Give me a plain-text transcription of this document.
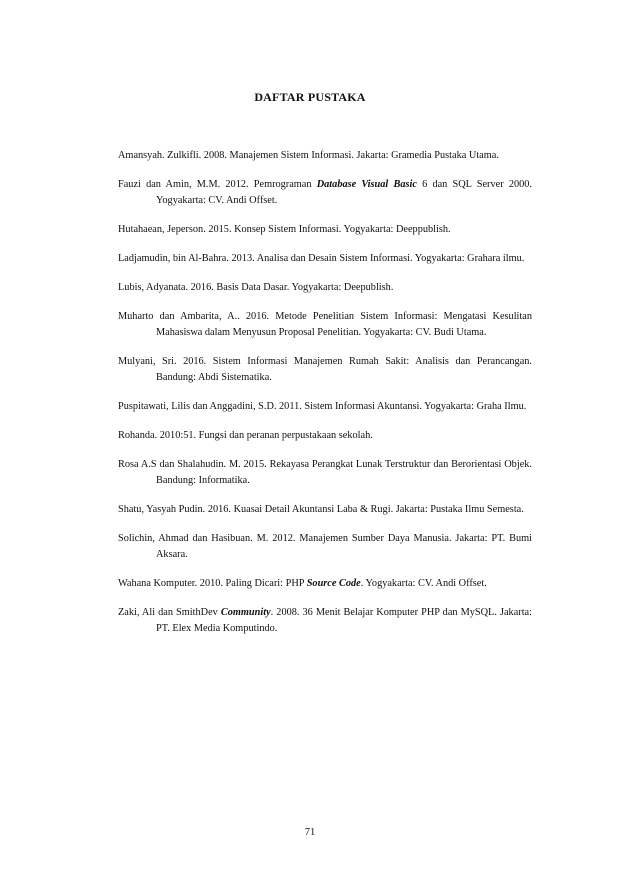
DAFTAR PUSTAKA

Amansyah. Zulkifli. 2008. Manajemen Sistem Informasi. Jakarta: Gramedia Pustaka Utama.

Fauzi dan Amin, M.M. 2012. Pemrograman Database Visual Basic 6 dan SQL Server 2000. Yogyakarta: CV. Andi Offset.

Hutahaean, Jeperson. 2015. Konsep Sistem Informasi. Yogyakarta: Deeppublish.

Ladjamudin, bin Al-Bahra. 2013. Analisa dan Desain Sistem Informasi. Yogyakarta: Grahara ilmu.

Lubis, Adyanata. 2016. Basis Data Dasar. Yogyakarta: Deepublish.

Muharto dan Ambarita, A.. 2016. Metode Penelitian Sistem Informasi: Mengatasi Kesulitan Mahasiswa dalam Menyusun Proposal Penelitian. Yogyakarta: CV. Budi Utama.

Mulyani, Sri. 2016. Sistem Informasi Manajemen Rumah Sakit: Analisis dan Perancangan. Bandung: Abdi Sistematika.

Puspitawati, Lilis dan Anggadini, S.D. 2011. Sistem Informasi Akuntansi. Yogyakarta: Graha Ilmu.

Rohanda. 2010:51. Fungsi dan peranan perpustakaan sekolah.

Rosa A.S dan Shalahudin. M. 2015. Rekayasa Perangkat Lunak Terstruktur dan Berorientasi Objek. Bandung: Informatika.

Shatu, Yasyah Pudin. 2016. Kuasai Detail Akuntansi Laba & Rugi. Jakarta: Pustaka Ilmu Semesta.

Solichin, Ahmad dan Hasibuan. M. 2012. Manajemen Sumber Daya Manusia. Jakarta: PT. Bumi Aksara.

Wahana Komputer. 2010. Paling Dicari: PHP Source Code. Yogyakarta: CV. Andi Offset.

Zaki, Ali dan SmithDev Community. 2008. 36 Menit Belajar Komputer PHP dan MySQL. Jakarta: PT. Elex Media Komputindo.

71
